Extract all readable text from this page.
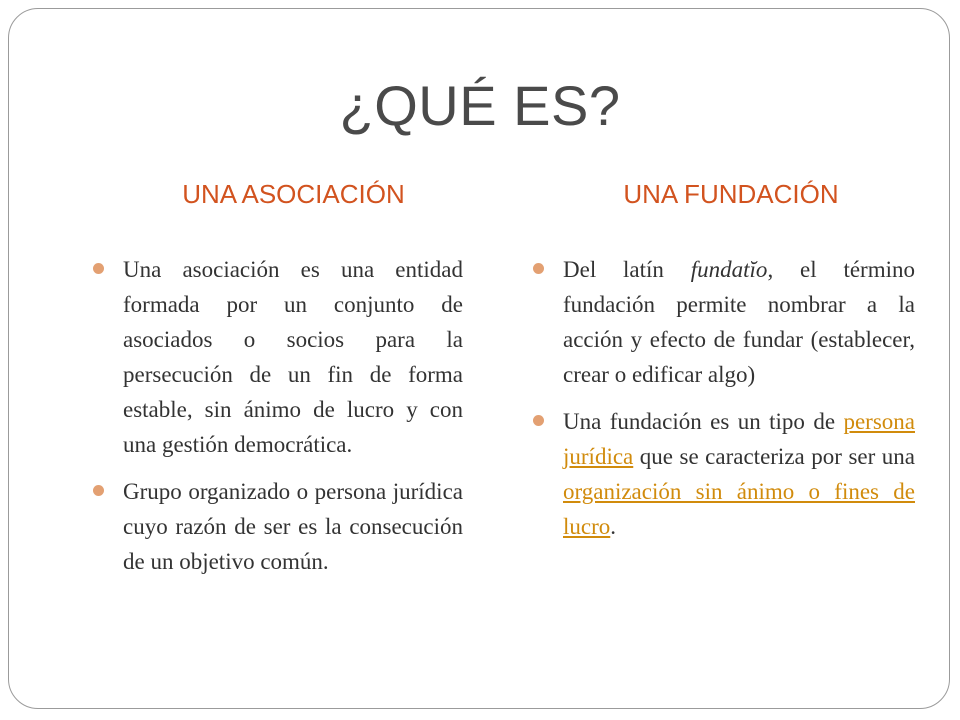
¿QUÉ ES?
UNA ASOCIACIÓN	UNA FUNDACIÓN
Una asociación es una entidad formada por un conjunto de asociados o socios para la persecución de un fin de forma estable, sin ánimo de lucro y con una gestión democrática.
Grupo organizado o persona jurídica cuyo razón de ser es la consecución de un objetivo común.
Del latín fundatĭo, el término fundación permite nombrar a la acción y efecto de fundar (establecer, crear o edificar algo)
Una fundación es un tipo de persona jurídica que se caracteriza por ser una organización sin ánimo o fines de lucro.
